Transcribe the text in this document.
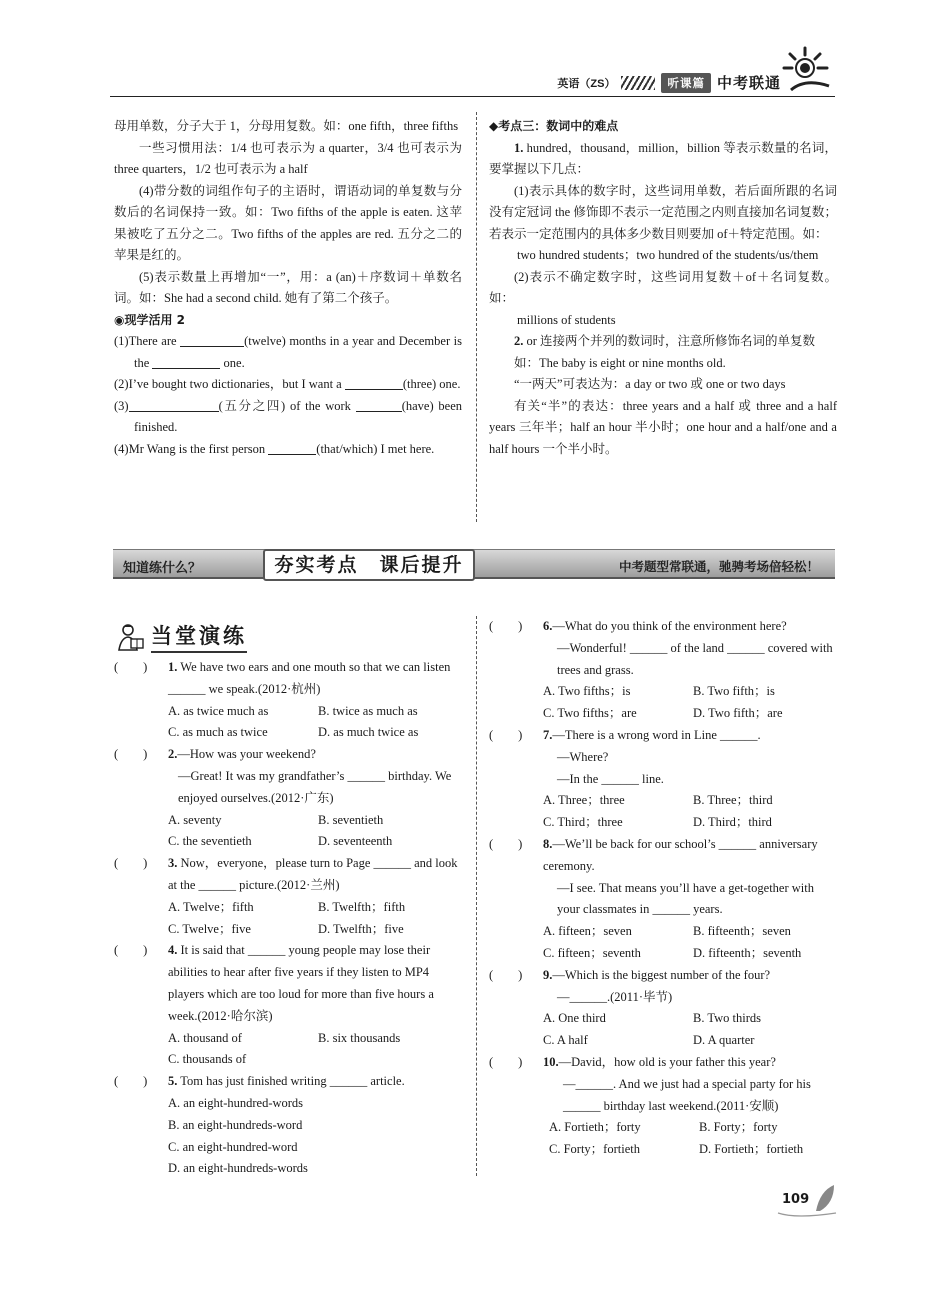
英语（ZS）	听课篇 中考联通

母用单数，分子大于 1，分母用复数。如：one fifth，three fifths

一些习惯用法：1/4 也可表示为 a quarter，3/4 也可表示为 three quarters，1/2 也可表示为 a half

(4)带分数的词组作句子的主语时，谓语动词的单复数与分数后的名词保持一致。如：Two fifths of the apple is eaten. 这苹果被吃了五分之二。Two fifths of the apples are red. 五分之二的苹果是红的。

(5)表示数量上再增加“一”，用：a (an)＋序数词＋单数名词。如：She had a second child. 她有了第二个孩子。

◉现学活用 2

(1)There are	(twelve) months in a year and December is the	one.

(2)I’ve bought two dictionaries，but I want a	(three) one.

(3)	(五分之四) of the work	(have) been finished.

(4)Mr Wang is the first person	(that/which) I met here.

◆考点三：数词中的难点

1. hundred，thousand，million，billion 等表示数量的名词，要掌握以下几点：

(1)表示具体的数字时，这些词用单数，若后面所跟的名词没有定冠词 the 修饰即不表示一定范围之内则直接加名词复数；若表示一定范围内的具体多少数目则要加 of＋特定范围。如：

two hundred students；two hundred of the students/us/them

(2)表示不确定数字时，这些词用复数＋of＋名词复数。如：

millions of students

2. or 连接两个并列的数词时，注意所修饰名词的单复数

如：The baby is eight or nine months old.

“一两天”可表达为：a day or two 或 one or two days

有关“半”的表达：three years and a half 或 three and a half years 三年半；half an hour 半小时；one hour and a half/one and a half hours 一个半小时。

知道练什么？	夯实考点　课后提升	中考题型常联通，驰骋考场倍轻松！
当堂演练
(　　) 1. We have two ears and one mouth so that we can listen ______ we speak.(2012·杭州)
A. as twice much as	B. twice as much as
C. as much as twice	D. as much twice as
(　　) 2.—How was your weekend?
—Great! It was my grandfather’s ______ birthday. We enjoyed ourselves.(2012·广东)
A. seventy	B. seventieth
C. the seventieth	D. seventeenth
(　　) 3. Now，everyone，please turn to Page ______ and look at the ______ picture.(2012·兰州)
A. Twelve；fifth	B. Twelfth；fifth
C. Twelve；five	D. Twelfth；five
(　　) 4. It is said that ______ young people may lose their abilities to hear after five years if they listen to MP4 players which are too loud for more than five hours a week.(2012·哈尔滨)
A. thousand of	B. six thousands
C. thousands of
(　　) 5. Tom has just finished writing ______ article.
A. an eight-hundred-words
B. an eight-hundreds-word
C. an eight-hundred-word
D. an eight-hundreds-words
(　　) 6.—What do you think of the environment here?
—Wonderful! ______ of the land ______ covered with trees and grass.
A. Two fifths；is	B. Two fifth；is
C. Two fifths；are	D. Two fifth；are
(　　) 7.—There is a wrong word in Line ______.
—Where?
—In the ______ line.
A. Three；three	B. Three；third
C. Third；three	D. Third；third
(　　) 8.—We’ll be back for our school’s ______ anniversary ceremony.
—I see. That means you’ll have a get-together with your classmates in ______ years.
A. fifteen；seven	B. fifteenth；seven
C. fifteen；seventh	D. fifteenth；seventh
(　　) 9.—Which is the biggest number of the four?
—______.(2011·毕节)
A. One third	B. Two thirds
C. A half	D. A quarter
(　　) 10.—David，how old is your father this year?
—______. And we just had a special party for his ______ birthday last weekend.(2011·安顺)
A. Fortieth；forty	B. Forty；forty
C. Forty；fortieth	D. Fortieth；fortieth
109
